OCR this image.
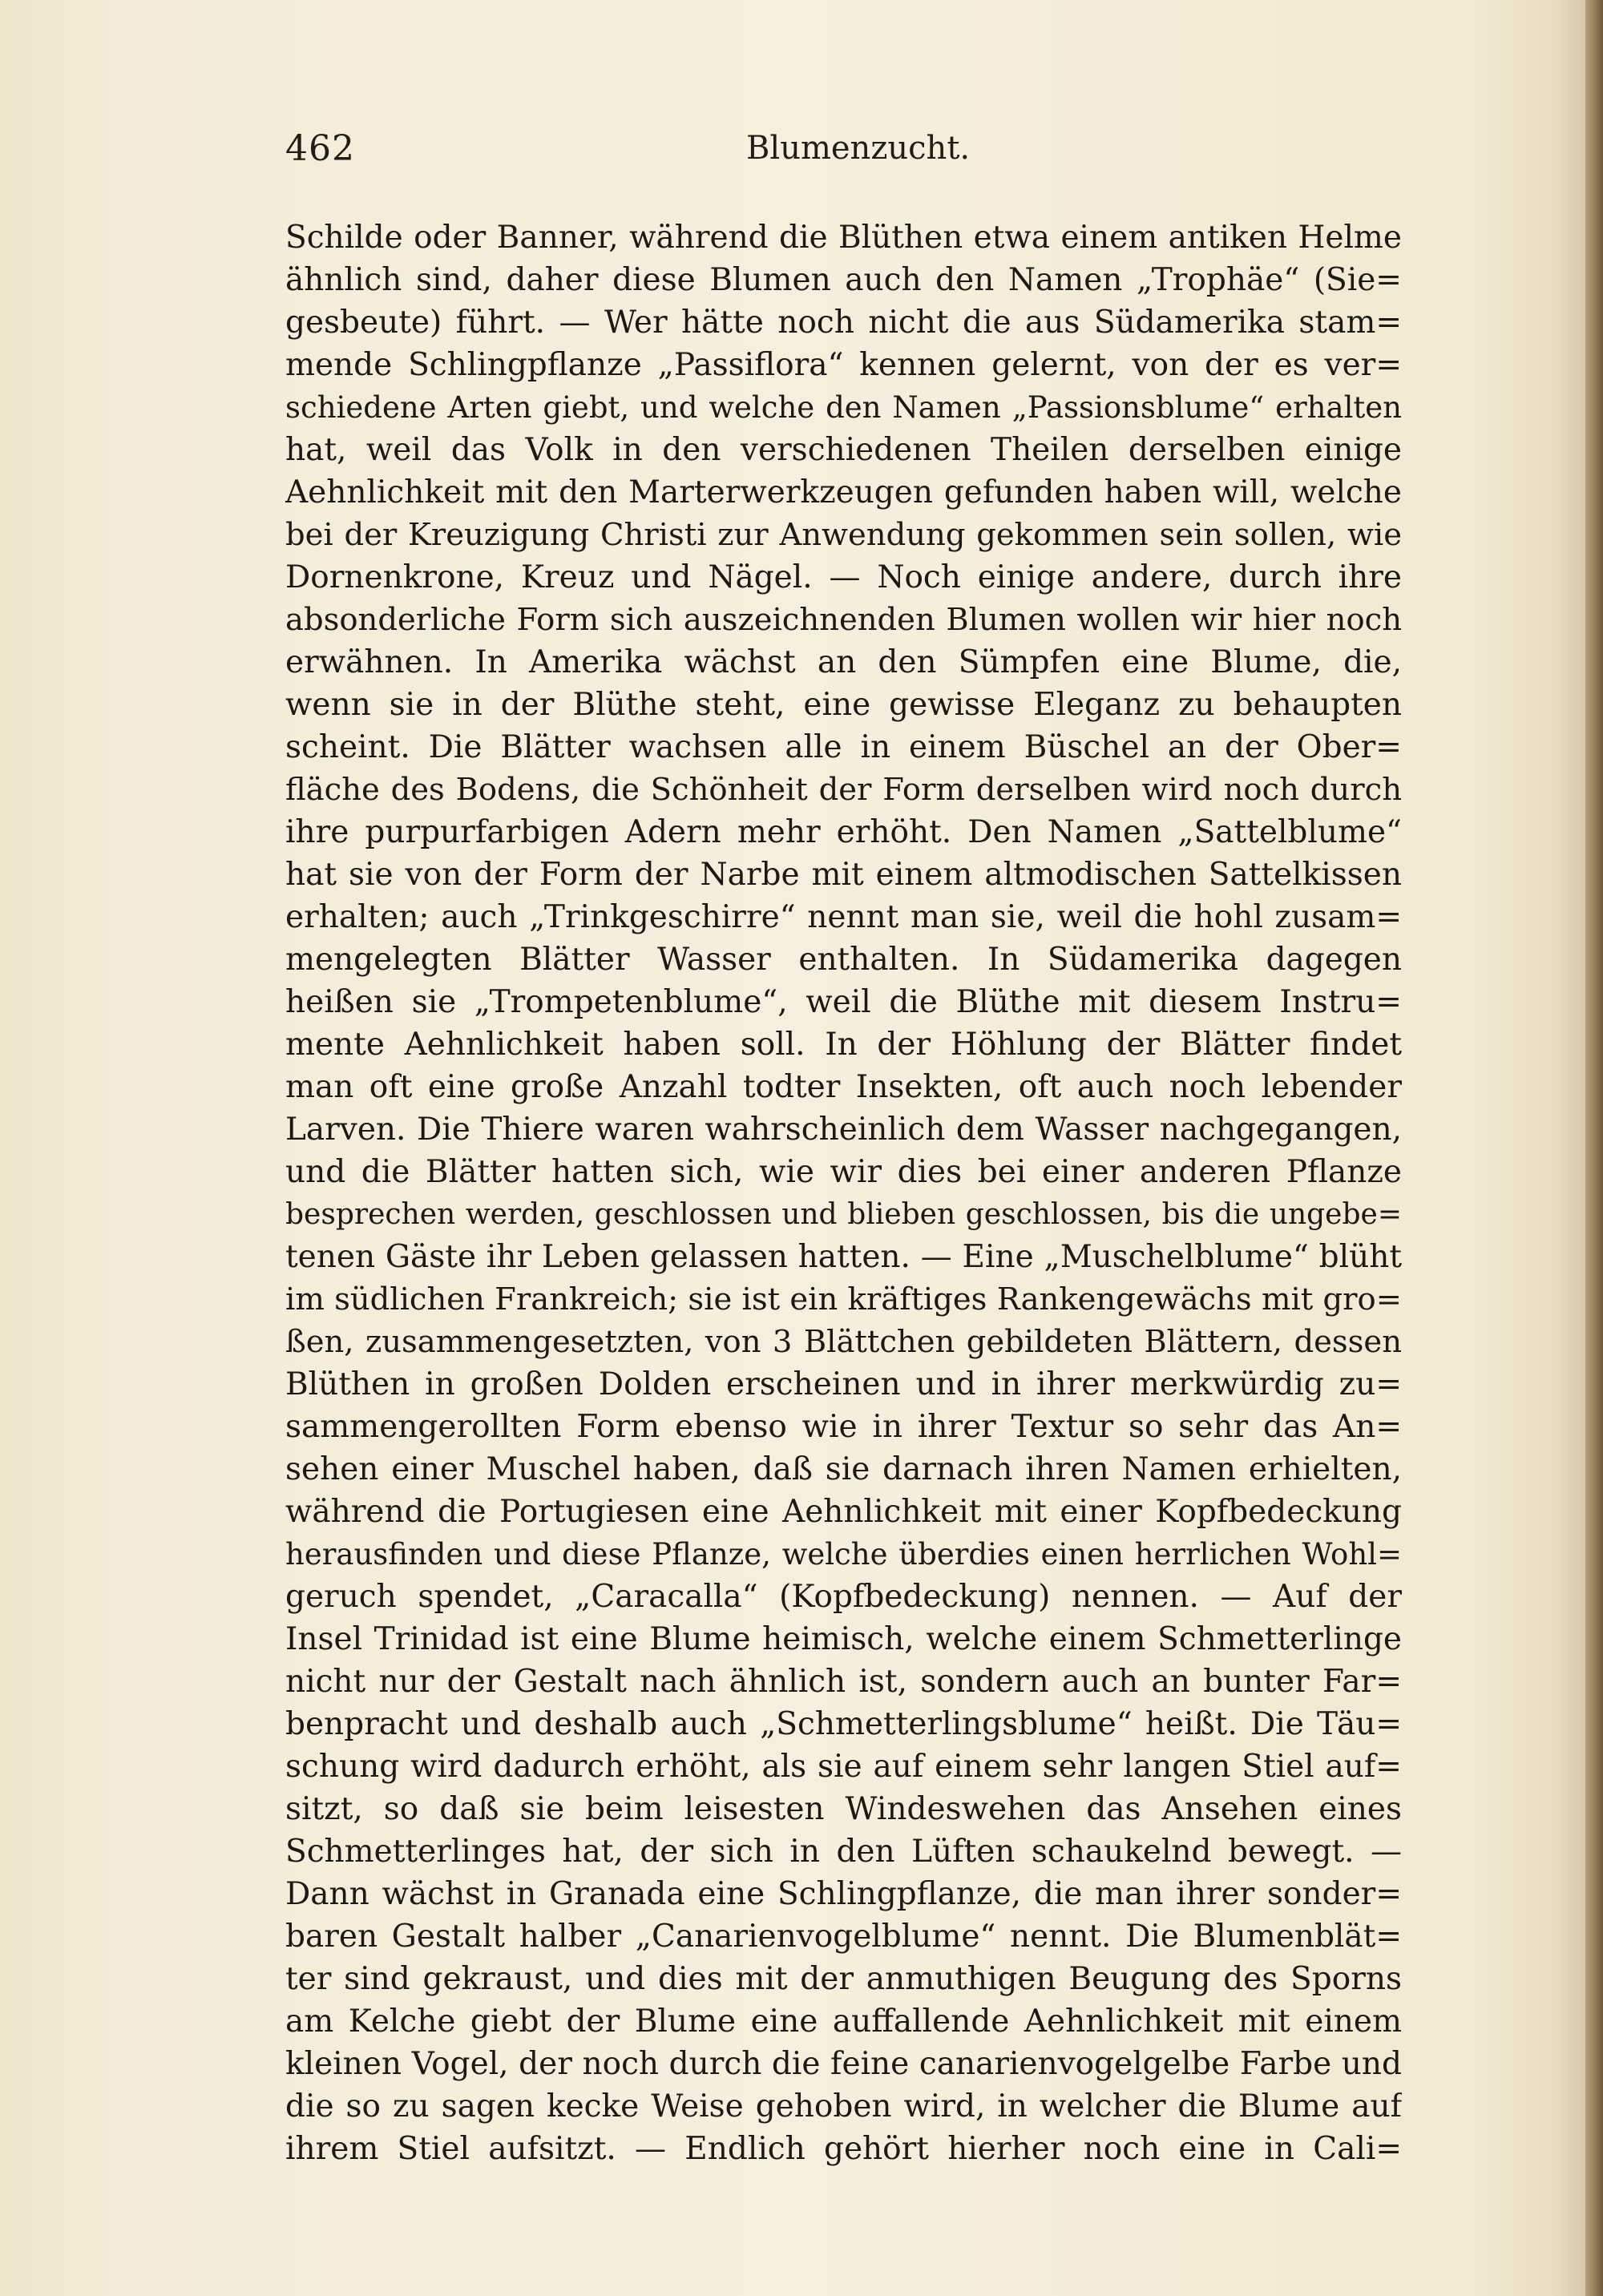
462	Blumenzucht.
Schilde oder Banner, während die Blüthen etwa einem antiken Helme
ähnlich sind, daher diese Blumen auch den Namen „Trophäe“ (Sie=
gesbeute) führt. — Wer hätte noch nicht die aus Südamerika stam=
mende Schlingpflanze „Passiflora“ kennen gelernt, von der es ver=
schiedene Arten giebt, und welche den Namen „Passionsblume“ erhalten
hat, weil das Volk in den verschiedenen Theilen derselben einige
Aehnlichkeit mit den Marterwerkzeugen gefunden haben will, welche
bei der Kreuzigung Christi zur Anwendung gekommen sein sollen, wie
Dornenkrone, Kreuz und Nägel. — Noch einige andere, durch ihre
absonderliche Form sich auszeichnenden Blumen wollen wir hier noch
erwähnen. In Amerika wächst an den Sümpfen eine Blume, die,
wenn sie in der Blüthe steht, eine gewisse Eleganz zu behaupten
scheint. Die Blätter wachsen alle in einem Büschel an der Ober=
fläche des Bodens, die Schönheit der Form derselben wird noch durch
ihre purpurfarbigen Adern mehr erhöht. Den Namen „Sattelblume“
hat sie von der Form der Narbe mit einem altmodischen Sattelkissen
erhalten; auch „Trinkgeschirre“ nennt man sie, weil die hohl zusam=
mengelegten Blätter Wasser enthalten. In Südamerika dagegen
heißen sie „Trompetenblume“, weil die Blüthe mit diesem Instru=
mente Aehnlichkeit haben soll. In der Höhlung der Blätter findet
man oft eine große Anzahl todter Insekten, oft auch noch lebender
Larven. Die Thiere waren wahrscheinlich dem Wasser nachgegangen,
und die Blätter hatten sich, wie wir dies bei einer anderen Pflanze
besprechen werden, geschlossen und blieben geschlossen, bis die ungebe=
tenen Gäste ihr Leben gelassen hatten. — Eine „Muschelblume“ blüht
im südlichen Frankreich; sie ist ein kräftiges Rankengewächs mit gro=
ßen, zusammengesetzten, von 3 Blättchen gebildeten Blättern, dessen
Blüthen in großen Dolden erscheinen und in ihrer merkwürdig zu=
sammengerollten Form ebenso wie in ihrer Textur so sehr das An=
sehen einer Muschel haben, daß sie darnach ihren Namen erhielten,
während die Portugiesen eine Aehnlichkeit mit einer Kopfbedeckung
herausfinden und diese Pflanze, welche überdies einen herrlichen Wohl=
geruch spendet, „Caracalla“ (Kopfbedeckung) nennen. — Auf der
Insel Trinidad ist eine Blume heimisch, welche einem Schmetterlinge
nicht nur der Gestalt nach ähnlich ist, sondern auch an bunter Far=
benpracht und deshalb auch „Schmetterlingsblume“ heißt. Die Täu=
schung wird dadurch erhöht, als sie auf einem sehr langen Stiel auf=
sitzt, so daß sie beim leisesten Windeswehen das Ansehen eines
Schmetterlinges hat, der sich in den Lüften schaukelnd bewegt. —
Dann wächst in Granada eine Schlingpflanze, die man ihrer sonder=
baren Gestalt halber „Canarienvogelblume“ nennt. Die Blumenblät=
ter sind gekraust, und dies mit der anmuthigen Beugung des Sporns
am Kelche giebt der Blume eine auffallende Aehnlichkeit mit einem
kleinen Vogel, der noch durch die feine canarienvogelgelbe Farbe und
die so zu sagen kecke Weise gehoben wird, in welcher die Blume auf
ihrem Stiel aufsitzt. — Endlich gehört hierher noch eine in Cali=
